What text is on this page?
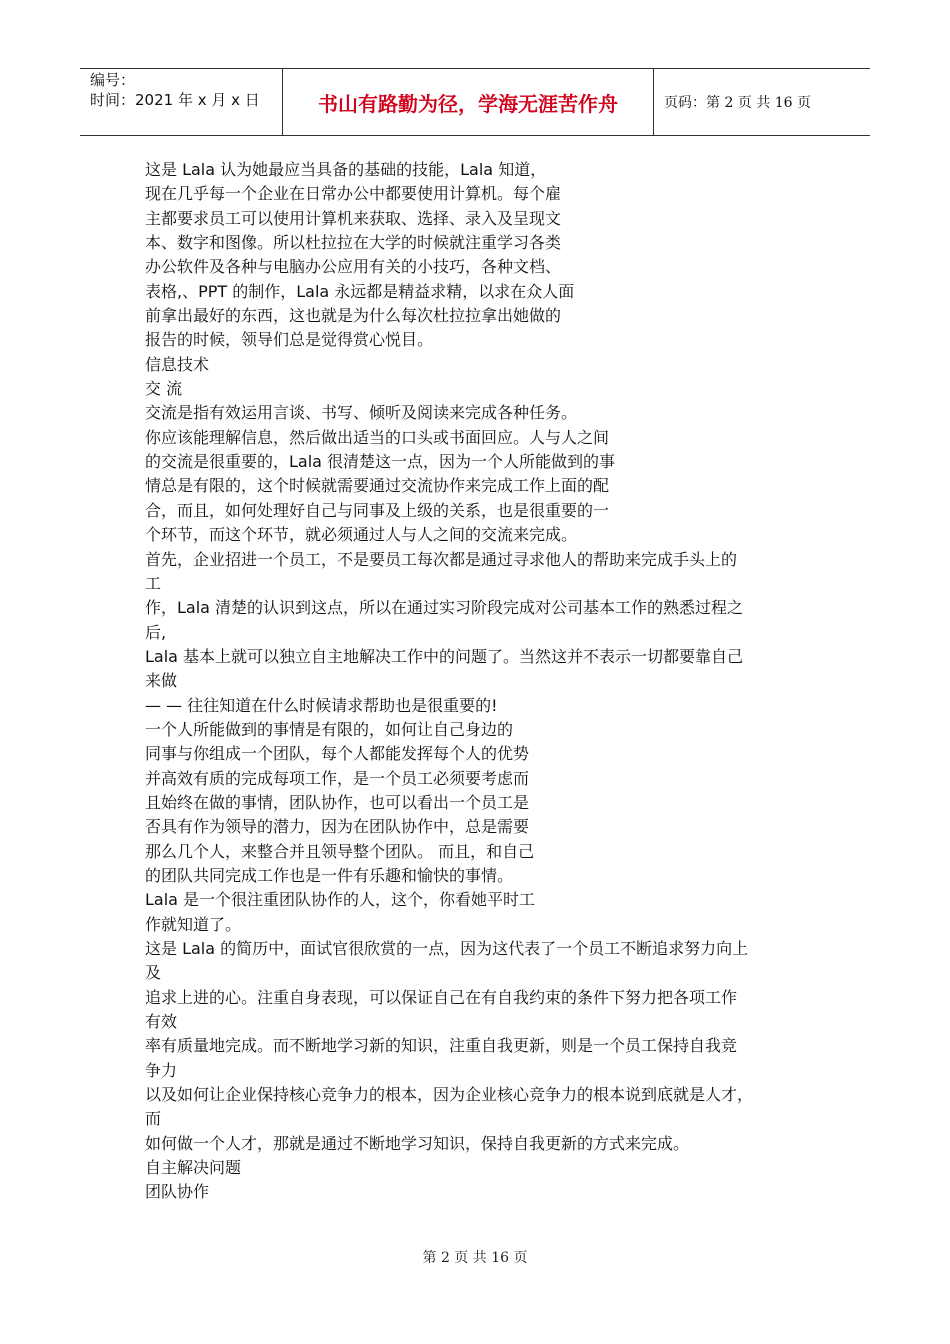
编号：
时间：2021 年 x 月 x 日	书山有路勤为径，学海无涯苦作舟	页码：第 2 页 共 16 页
这是 Lala 认为她最应当具备的基础的技能，Lala 知道，
现在几乎每一个企业在日常办公中都要使用计算机。每个雇
主都要求员工可以使用计算机来获取、选择、录入及呈现文
本、数字和图像。所以杜拉拉在大学的时候就注重学习各类
办公软件及各种与电脑办公应用有关的小技巧，各种文档、
表格,、PPT 的制作，Lala 永远都是精益求精，以求在众人面
前拿出最好的东西，这也就是为什么每次杜拉拉拿出她做的
报告的时候，领导们总是觉得赏心悦目。
信息技术
交 流
交流是指有效运用言谈、书写、倾听及阅读来完成各种任务。
你应该能理解信息，然后做出适当的口头或书面回应。人与人之间
的交流是很重要的，Lala 很清楚这一点，因为一个人所能做到的事
情总是有限的，这个时候就需要通过交流协作来完成工作上面的配
合，而且，如何处理好自己与同事及上级的关系，也是很重要的一
个环节，而这个环节，就必须通过人与人之间的交流来完成。
首先，企业招进一个员工，不是要员工每次都是通过寻求他人的帮助来完成手头上的
工
作，Lala 清楚的认识到这点，所以在通过实习阶段完成对公司基本工作的熟悉过程之
后,
Lala 基本上就可以独立自主地解决工作中的问题了。当然这并不表示一切都要靠自己
来做
— — 往往知道在什么时候请求帮助也是很重要的!
一个人所能做到的事情是有限的，如何让自己身边的
同事与你组成一个团队，每个人都能发挥每个人的优势
并高效有质的完成每项工作，是一个员工必须要考虑而
且始终在做的事情，团队协作，也可以看出一个员工是
否具有作为领导的潜力，因为在团队协作中，总是需要
那么几个人，来整合并且领导整个团队。 而且，和自己
的团队共同完成工作也是一件有乐趣和愉快的事情。
Lala 是一个很注重团队协作的人，这个，你看她平时工
作就知道了。
这是 Lala 的简历中，面试官很欣赏的一点，因为这代表了一个员工不断追求努力向上
及
追求上进的心。注重自身表现，可以保证自己在有自我约束的条件下努力把各项工作
有效
率有质量地完成。而不断地学习新的知识，注重自我更新，则是一个员工保持自我竞
争力
以及如何让企业保持核心竞争力的根本，因为企业核心竞争力的根本说到底就是人才，
而
如何做一个人才，那就是通过不断地学习知识，保持自我更新的方式来完成。
自主解决问题
团队协作
第 2 页 共 16 页
